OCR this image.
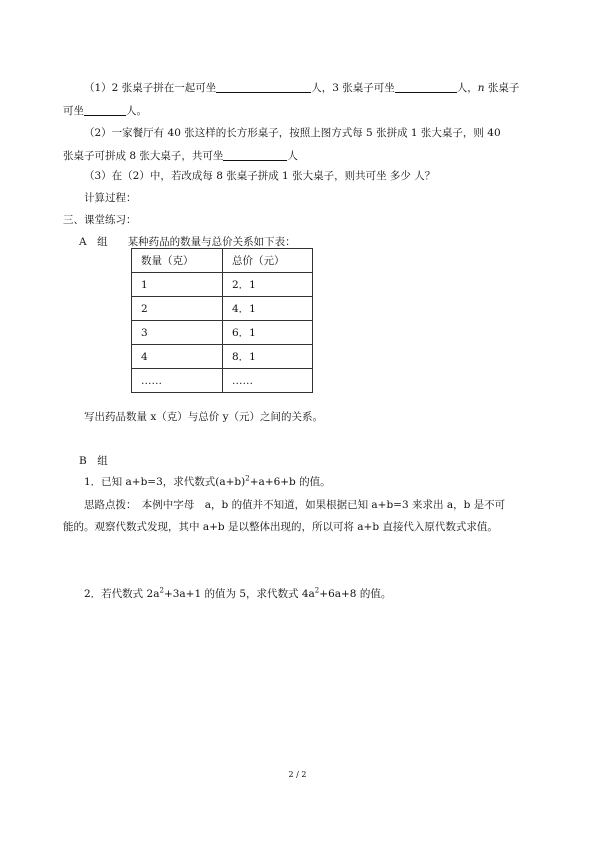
（1）2 张桌子拼在一起可坐	人，3 张桌子可坐	人，n 张桌子
可坐	人。
（2）一家餐厅有 40 张这样的长方形桌子，按照上图方式每 5 张拼成 1 张大桌子，则 40
张桌子可拼成 8 张大桌子，共可坐	人
（3）在（2）中，若改成每 8 张桌子拼成 1 张大桌子，则共可坐 多少 人？
计算过程：
三、课堂练习：
A　组 某种药品的数量与总价关系如下表：
数量（克）	总价（元）
1	2．1
2	4．1
3	6．1
4	8．1
……	……
写出药品数量 x（克）与总价 y（元）之间的关系。
B　组
1．已知 a+b=3，求代数式$(a+b)^2+a+6+b$ 的值。
思路点拨：　本例中字母　a，b 的值并不知道，如果根据已知 a+b=3 来求出 a，b 是不可
能的。观察代数式发现，其中 a+b 是以整体出现的，所以可将 a+b 直接代入原代数式求值。
2．若代数式 $2a^2+3a+1$ 的值为 5，求代数式 $4a^2+6a+8$ 的值。
2 / 2
